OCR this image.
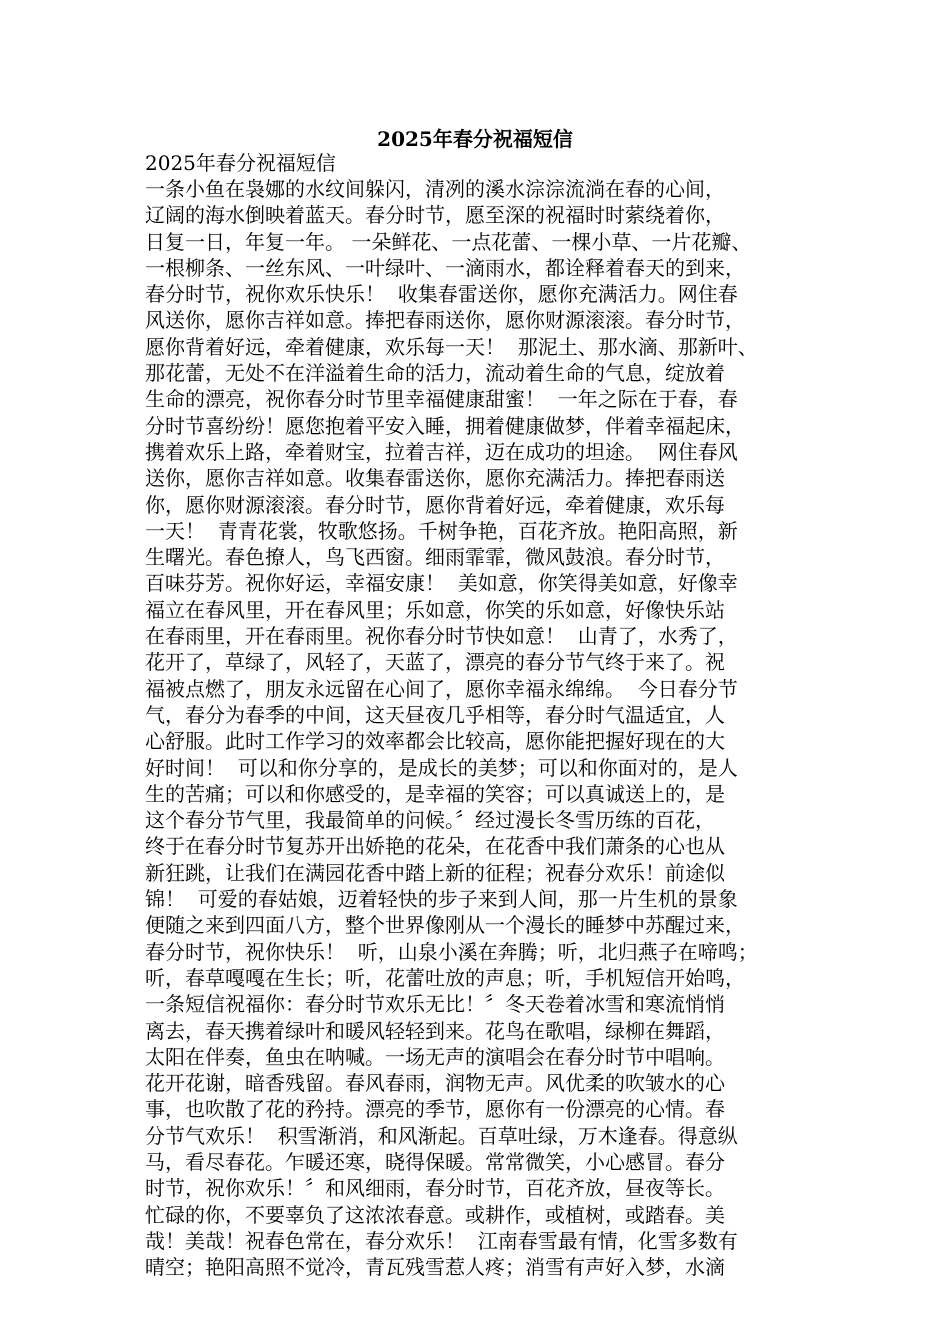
2025年春分祝福短信
2025年春分祝福短信
一条小鱼在袅娜的水纹间躲闪，清冽的溪水淙淙流淌在春的心间，
辽阔的海水倒映着蓝天。春分时节，愿至深的祝福时时萦绕着你，
日复一日，年复一年。 一朵鲜花、一点花蕾、一棵小草、一片花瓣、
一根柳条、一丝东风、一叶绿叶、一滴雨水，都诠释着春天的到来，
春分时节，祝你欢乐快乐！  收集春雷送你，愿你充满活力。网住春
风送你，愿你吉祥如意。捧把春雨送你，愿你财源滚滚。春分时节，
愿你背着好远，牵着健康，欢乐每一天！  那泥土、那水滴、那新叶、
那花蕾，无处不在洋溢着生命的活力，流动着生命的气息，绽放着
生命的漂亮，祝你春分时节里幸福健康甜蜜！  一年之际在于春，春
分时节喜纷纷！愿您抱着平安入睡，拥着健康做梦，伴着幸福起床，
携着欢乐上路，牵着财宝，拉着吉祥，迈在成功的坦途。  网住春风
送你，愿你吉祥如意。收集春雷送你，愿你充满活力。捧把春雨送
你，愿你财源滚滚。春分时节，愿你背着好远，牵着健康，欢乐每
一天！  青青花裳，牧歌悠扬。千树争艳，百花齐放。艳阳高照，新
生曙光。春色撩人，鸟飞西窗。细雨霏霏，微风鼓浪。春分时节，
百味芬芳。祝你好运，幸福安康！  美如意，你笑得美如意，好像幸
福立在春风里，开在春风里；乐如意，你笑的乐如意，好像快乐站
在春雨里，开在春雨里。祝你春分时节快如意！  山青了，水秀了，
花开了，草绿了，风轻了，天蓝了，漂亮的春分节气终于来了。祝
福被点燃了，朋友永远留在心间了，愿你幸福永绵绵。  今日春分节
气，春分为春季的中间，这天昼夜几乎相等，春分时气温适宜，人
心舒服。此时工作学习的效率都会比较高，愿你能把握好现在的大
好时间！  可以和你分享的，是成长的美梦；可以和你面对的，是人
生的苦痛；可以和你感受的，是幸福的笑容；可以真诚送上的，是
这个春分节气里，我最简单的问候。〞经过漫长冬雪历练的百花，
终于在春分时节复苏开出娇艳的花朵，在花香中我们萧条的心也从
新狂跳，让我们在满园花香中踏上新的征程；祝春分欢乐！前途似
锦！  可爱的春姑娘，迈着轻快的步子来到人间，那一片生机的景象
便随之来到四面八方，整个世界像刚从一个漫长的睡梦中苏醒过来，
春分时节，祝你快乐！  听，山泉小溪在奔腾；听，北归燕子在啼鸣；
听，春草嘎嘎在生长；听，花蕾吐放的声息；听，手机短信开始鸣，
一条短信祝福你：春分时节欢乐无比！〞冬天卷着冰雪和寒流悄悄
离去，春天携着绿叶和暖风轻轻到来。花鸟在歌唱，绿柳在舞蹈，
太阳在伴奏，鱼虫在呐喊。一场无声的演唱会在春分时节中唱响。
花开花谢，暗香残留。春风春雨，润物无声。风优柔的吹皱水的心
事，也吹散了花的矜持。漂亮的季节，愿你有一份漂亮的心情。春
分节气欢乐！  积雪渐消，和风渐起。百草吐绿，万木逢春。得意纵
马，看尽春花。乍暖还寒，晓得保暖。常常微笑，小心感冒。春分
时节，祝你欢乐！〞和风细雨，春分时节，百花齐放，昼夜等长。
忙碌的你，不要辜负了这浓浓春意。或耕作，或植树，或踏春。美
哉！美哉！祝春色常在，春分欢乐！  江南春雪最有情，化雪多数有
晴空；艳阳高照不觉冷，青瓦残雪惹人疼；消雪有声好入梦，水滴
